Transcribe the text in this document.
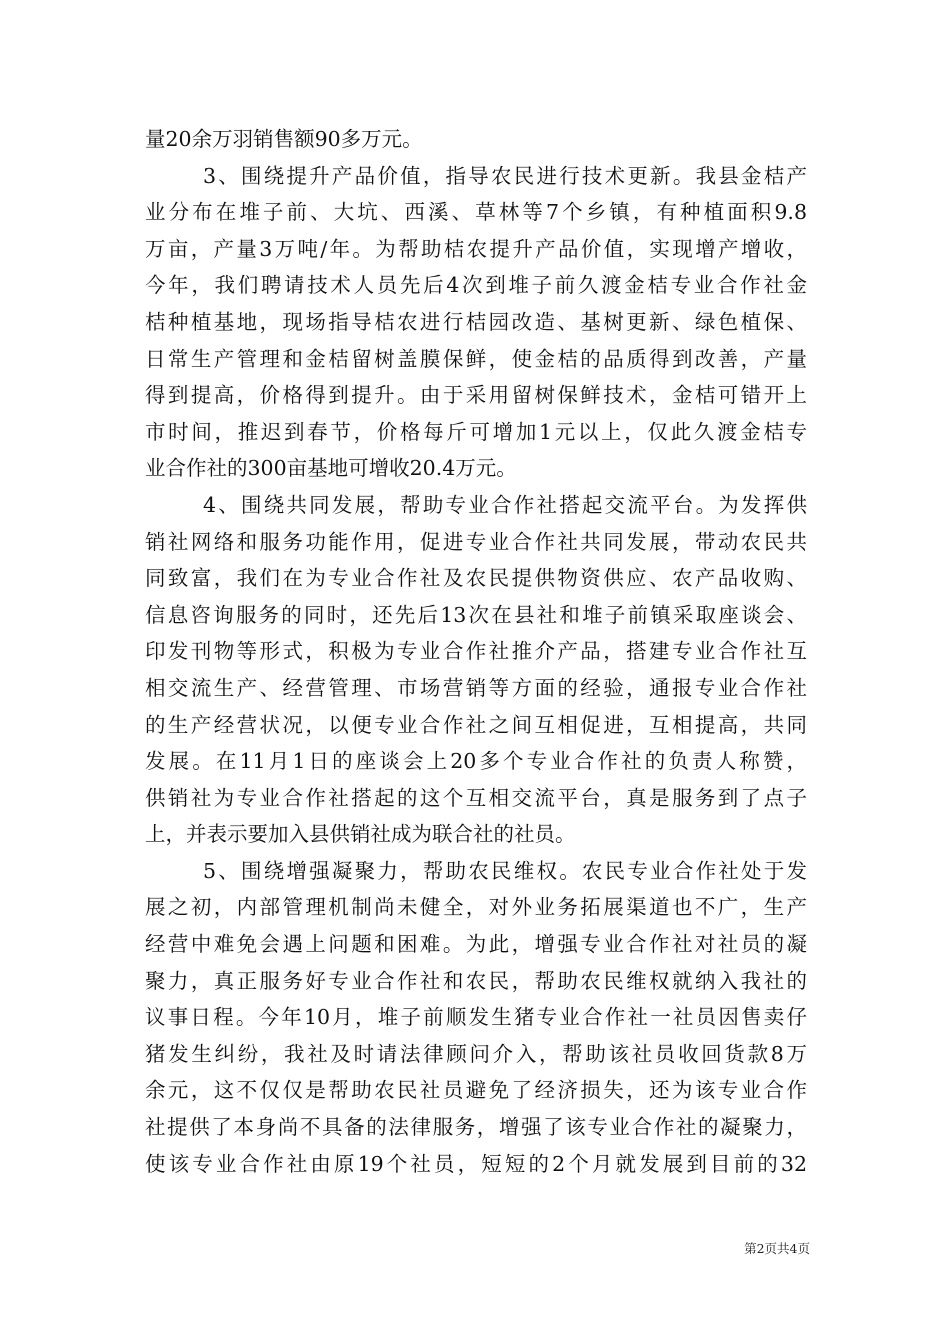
量20余万羽销售额90多万元。
3、围绕提升产品价值，指导农民进行技术更新。我县金桔产
业分布在堆子前、大坑、西溪、草林等7个乡镇，有种植面积9.8
万亩，产量3万吨/年。为帮助桔农提升产品价值，实现增产增收，
今年，我们聘请技术人员先后4次到堆子前久渡金桔专业合作社金
桔种植基地，现场指导桔农进行桔园改造、基树更新、绿色植保、
日常生产管理和金桔留树盖膜保鲜，使金桔的品质得到改善，产量
得到提高，价格得到提升。由于采用留树保鲜技术，金桔可错开上
市时间，推迟到春节，价格每斤可增加1元以上，仅此久渡金桔专
业合作社的300亩基地可增收20.4万元。
4、围绕共同发展，帮助专业合作社搭起交流平台。为发挥供
销社网络和服务功能作用，促进专业合作社共同发展，带动农民共
同致富，我们在为专业合作社及农民提供物资供应、农产品收购、
信息咨询服务的同时，还先后13次在县社和堆子前镇采取座谈会、
印发刊物等形式，积极为专业合作社推介产品，搭建专业合作社互
相交流生产、经营管理、市场营销等方面的经验，通报专业合作社
的生产经营状况，以便专业合作社之间互相促进，互相提高，共同
发展。在11月1日的座谈会上20多个专业合作社的负责人称赞，
供销社为专业合作社搭起的这个互相交流平台，真是服务到了点子
上，并表示要加入县供销社成为联合社的社员。
5、围绕增强凝聚力，帮助农民维权。农民专业合作社处于发
展之初，内部管理机制尚未健全，对外业务拓展渠道也不广，生产
经营中难免会遇上问题和困难。为此，增强专业合作社对社员的凝
聚力，真正服务好专业合作社和农民，帮助农民维权就纳入我社的
议事日程。今年10月，堆子前顺发生猪专业合作社一社员因售卖仔
猪发生纠纷，我社及时请法律顾问介入，帮助该社员收回货款8万
余元，这不仅仅是帮助农民社员避免了经济损失，还为该专业合作
社提供了本身尚不具备的法律服务，增强了该专业合作社的凝聚力，
使该专业合作社由原19个社员，短短的2个月就发展到目前的32
第2页共4页
